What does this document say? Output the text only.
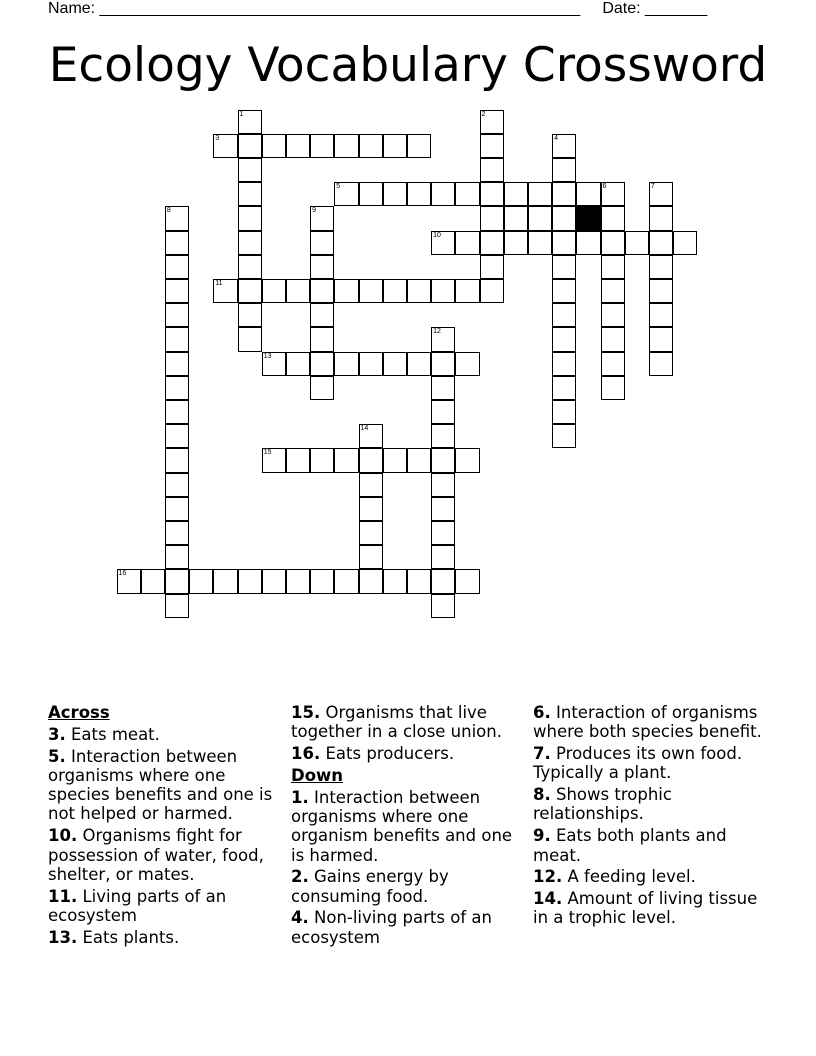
Name: ______________________________________________________ Date: _______
Ecology Vocabulary Crossword
1	2
3	4
5	6	7
8	9
10
11
12
13
14
15
16

Across

3. Eats meat.

5. Interaction between organisms where one species benefits and one is not helped or harmed.

10. Organisms fight for possession of water, food, shelter, or mates.

11. Living parts of an ecosystem

13. Eats plants.

15. Organisms that live together in a close union.

16. Eats producers.

Down

1. Interaction between organisms where one organism benefits and one is harmed.

2. Gains energy by consuming food.

4. Non-living parts of an ecosystem

6. Interaction of organisms where both species benefit.

7. Produces its own food. Typically a plant.

8. Shows trophic relationships.

9. Eats both plants and meat.

12. A feeding level.

14. Amount of living tissue in a trophic level.
